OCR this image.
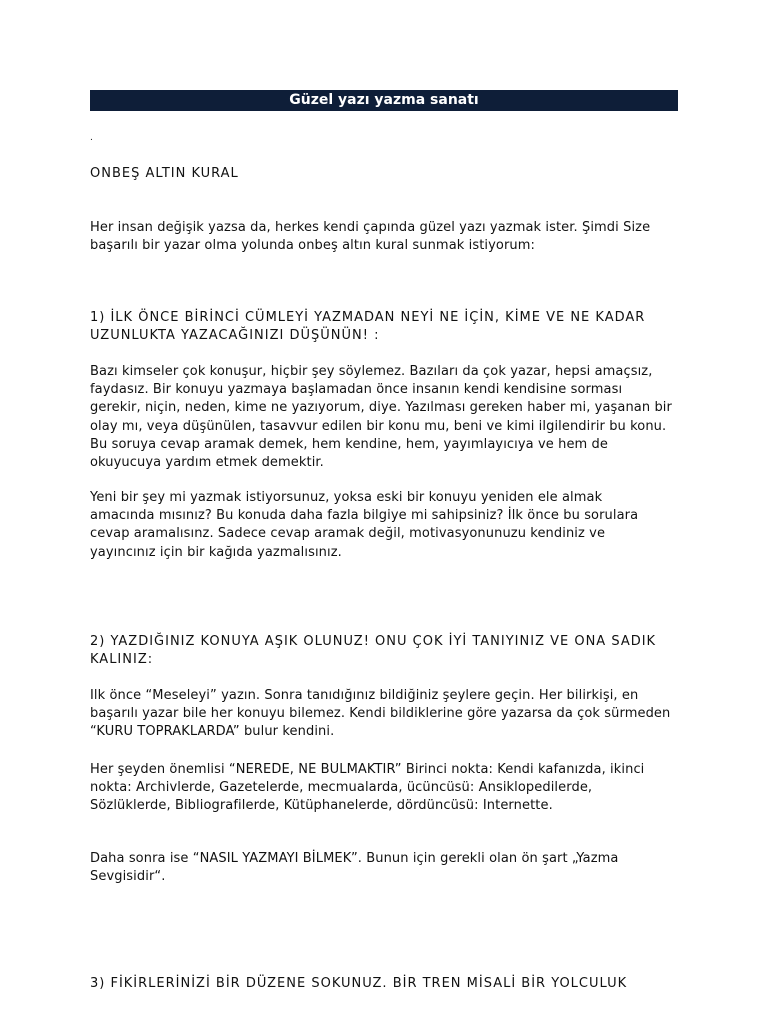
Güzel yazı yazma sanatı
.

ONBEŞ ALTIN KURAL

Her insan değişik yazsa da, herkes kendi çapında güzel yazı yazmak ister. Şimdi Size başarılı bir yazar olma yolunda onbeş altın kural sunmak istiyorum:

1) İLK ÖNCE BİRİNCİ CÜMLEYİ YAZMADAN NEYİ NE İÇİN, KİME VE NE KADAR UZUNLUKTA YAZACAĞINIZI DÜŞÜNÜN! :

Bazı kimseler çok konuşur, hiçbir şey söylemez. Bazıları da çok yazar, hepsi amaçsız, faydasız. Bir konuyu yazmaya başlamadan önce insanın kendi kendisine sorması gerekir, niçin, neden, kime ne yazıyorum, diye. Yazılması gereken haber mi, yaşanan bir olay mı, veya düşünülen, tasavvur edilen bir konu mu, beni ve kimi ilgilendirir bu konu. Bu soruya cevap aramak demek, hem kendine, hem, yayımlayıcıya ve hem de okuyucuya yardım etmek demektir.

Yeni bir şey mi yazmak istiyorsunuz, yoksa eski bir konuyu yeniden ele almak amacında mısınız? Bu konuda daha fazla bilgiye mi sahipsiniz? İlk önce bu sorulara cevap aramalısınz. Sadece cevap aramak değil, motivasyonunuzu kendiniz ve yayıncınız için bir kağıda yazmalısınız.

2) YAZDIĞINIZ KONUYA AŞIK OLUNUZ! ONU ÇOK İYİ TANIYINIZ VE ONA SADIK KALINIZ:

Ilk önce “Meseleyi” yazın. Sonra tanıdığınız bildiğiniz şeylere geçin. Her bilirkişi, en başarılı yazar bile her konuyu bilemez. Kendi bildiklerine göre yazarsa da çok sürmeden “KURU TOPRAKLARDA” bulur kendini.

Her şeyden önemlisi “NEREDE, NE BULMAKTIR” Birinci nokta: Kendi kafanızda, ikinci nokta: Archivlerde, Gazetelerde, mecmualarda, ücüncüsü: Ansiklopedilerde, Sözlüklerde, Bibliografilerde, Kütüphanelerde, dördüncüsü: Internette.

Daha sonra ise “NASIL YAZMAYI BİLMEK”. Bunun için gerekli olan ön şart „Yazma Sevgisidir“.

3) FİKİRLERİNİZİ BİR DÜZENE SOKUNUZ. BİR TREN MİSALİ BİR YOLCULUK
